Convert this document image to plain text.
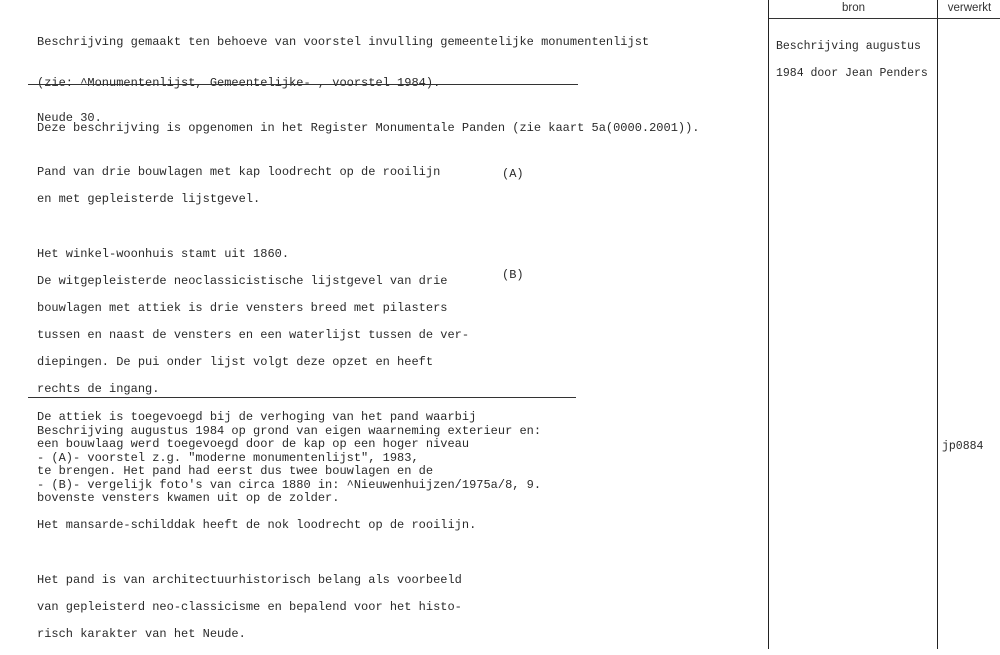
Beschrijving gemaakt ten behoeve van voorstel invulling gemeentelijke monumentenlijst

(zie: ^Monumentenlijst, Gemeentelijke- , voorstel 1984).

Deze beschrijving is opgenomen in het Register Monumentale Panden (zie kaart 5a(0000.2001)).

Neude 30.

Pand van drie bouwlagen met kap loodrecht op de rooilijn

en met gepleisterde lijstgevel.

Het winkel-woonhuis stamt uit 1860.

De witgepleisterde neoclassicistische lijstgevel van drie

bouwlagen met attiek is drie vensters breed met pilasters

tussen en naast de vensters en een waterlijst tussen de ver-

diepingen. De pui onder lijst volgt deze opzet en heeft

rechts de ingang.

De attiek is toegevoegd bij de verhoging van het pand waarbij

een bouwlaag werd toegevoegd door de kap op een hoger niveau

te brengen. Het pand had eerst dus twee bouwlagen en de

bovenste vensters kwamen uit op de zolder.

Het mansarde-schilddak heeft de nok loodrecht op de rooilijn.

Het pand is van architectuurhistorisch belang als voorbeeld

van gepleisterd neo-classicisme en bepalend voor het histo-

risch karakter van het Neude.

(A)
(B)

Beschrijving augustus 1984 op grond van eigen waarneming exterieur en:

- (A)- voorstel z.g. "moderne monumentenlijst", 1983,

- (B)- vergelijk foto's van circa 1880 in: ^Nieuwenhuijzen/1975a/8, 9.

bron	verwerkt

Beschrijving augustus

1984 door Jean Penders

jp0884
